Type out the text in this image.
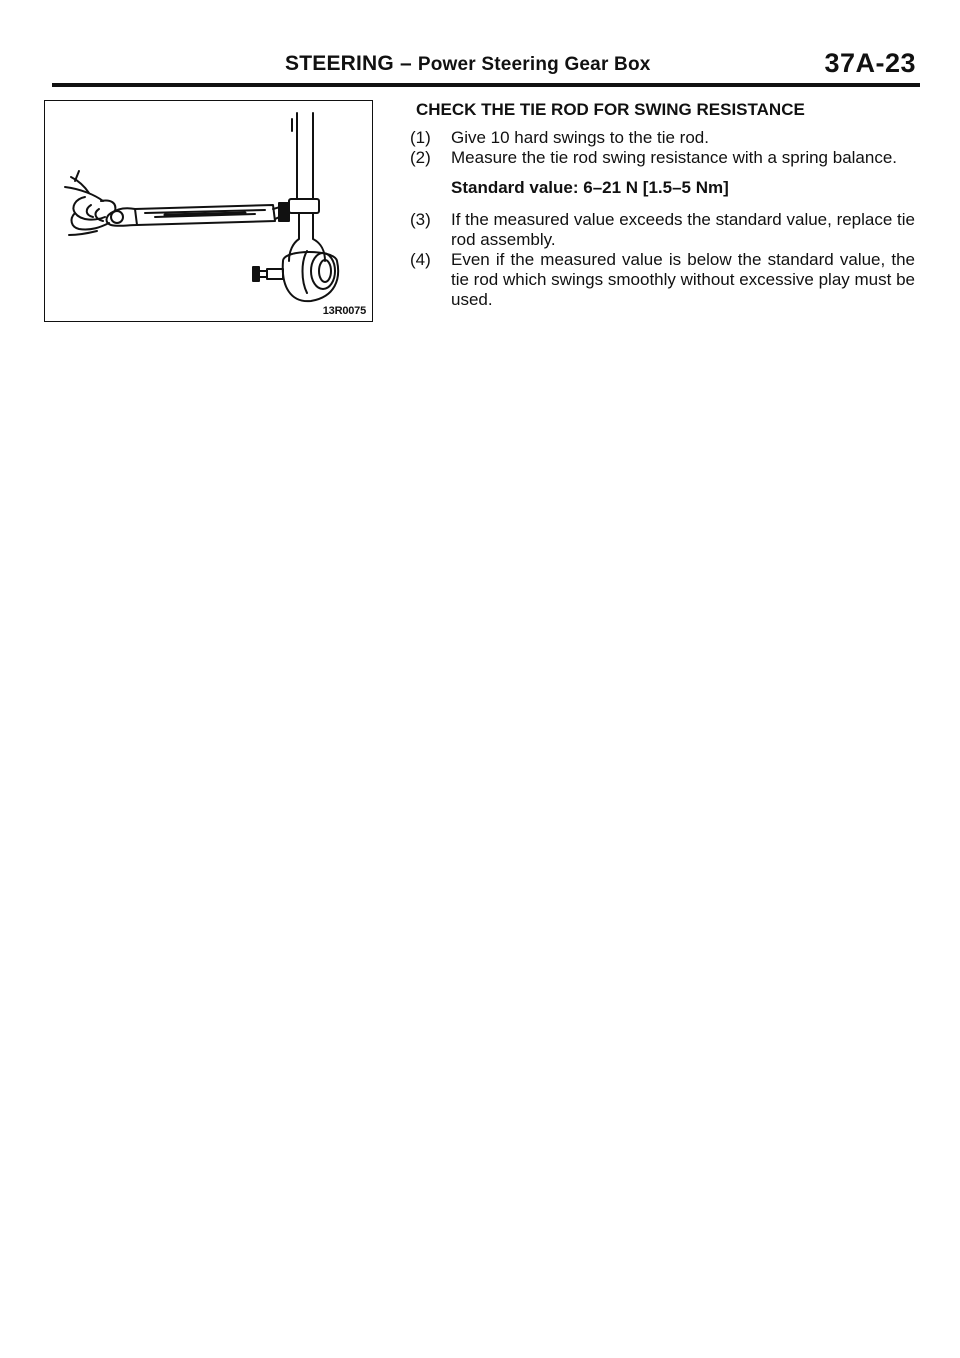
STEERING – Power Steering Gear Box	37A-23
13R0075
CHECK THE TIE ROD FOR SWING RESISTANCE
(1)	Give 10 hard swings to the tie rod.
(2)	Measure the tie rod swing resistance with a spring balance.
Standard value: 6–21 N [1.5–5 Nm]
(3)	If the measured value exceeds the standard value, replace tie rod assembly.
(4)	Even if the measured value is below the standard value, the tie rod which swings smoothly without excessive play must be used.
